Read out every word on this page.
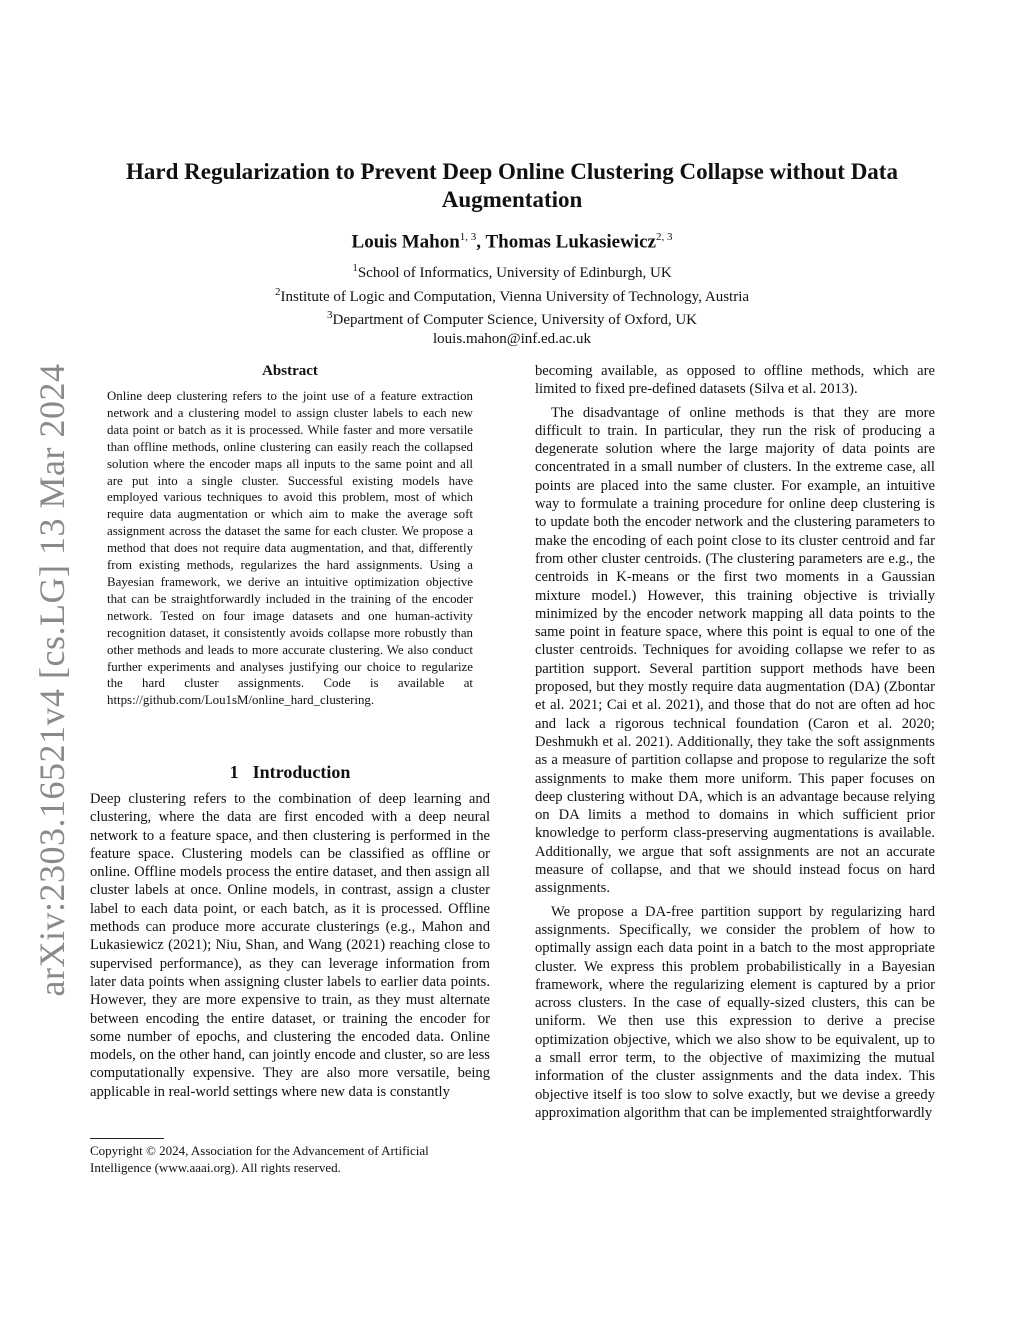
arXiv:2303.16521v4 [cs.LG] 13 Mar 2024
Hard Regularization to Prevent Deep Online Clustering Collapse without Data
Augmentation
Louis Mahon$^{1, 3}$, Thomas Lukasiewicz$^{2, 3}$
$^1$School of Informatics, University of Edinburgh, UK
$^2$Institute of Logic and Computation, Vienna University of Technology, Austria
$^3$Department of Computer Science, University of Oxford, UK
louis.mahon@inf.ed.ac.uk
Abstract

Online deep clustering refers to the joint use of a feature extraction network and a clustering model to assign cluster labels to each new data point or batch as it is processed. While faster and more versatile than offline methods, online clustering can easily reach the collapsed solution where the encoder maps all inputs to the same point and all are put into a single cluster. Successful existing models have employed various techniques to avoid this problem, most of which require data augmentation or which aim to make the average soft assignment across the dataset the same for each cluster. We propose a method that does not require data augmentation, and that, differently from existing methods, regularizes the hard assignments. Using a Bayesian framework, we derive an intuitive optimization objective that can be straightforwardly included in the training of the encoder network. Tested on four image datasets and one human-activity recognition dataset, it consistently avoids collapse more robustly than other methods and leads to more accurate clustering. We also conduct further experiments and analyses justifying our choice to regularize the hard cluster assignments. Code is available at https://github.com/Lou1sM/online_hard_clustering.

1 Introduction

Deep clustering refers to the combination of deep learning and clustering, where the data are first encoded with a deep neural network to a feature space, and then clustering is performed in the feature space. Clustering models can be classified as offline or online. Offline models process the entire dataset, and then assign all cluster labels at once. Online models, in contrast, assign a cluster label to each data point, or each batch, as it is processed. Offline methods can produce more accurate clusterings (e.g., Mahon and Lukasiewicz (2021); Niu, Shan, and Wang (2021) reaching close to supervised performance), as they can leverage information from later data points when assigning cluster labels to earlier data points. However, they are more expensive to train, as they must alternate between encoding the entire dataset, or training the encoder for some number of epochs, and clustering the encoded data. Online models, on the other hand, can jointly encode and cluster, so are less computationally expensive. They are also more versatile, being applicable in real-world settings where new data is constantly

becoming available, as opposed to offline methods, which are limited to fixed pre-defined datasets (Silva et al. 2013).

The disadvantage of online methods is that they are more difficult to train. In particular, they run the risk of producing a degenerate solution where the large majority of data points are concentrated in a small number of clusters. In the extreme case, all points are placed into the same cluster. For example, an intuitive way to formulate a training procedure for online deep clustering is to update both the encoder network and the clustering parameters to make the encoding of each point close to its cluster centroid and far from other cluster centroids. (The clustering parameters are e.g., the centroids in K-means or the first two moments in a Gaussian mixture model.) However, this training objective is trivially minimized by the encoder network mapping all data points to the same point in feature space, where this point is equal to one of the cluster centroids. Techniques for avoiding collapse we refer to as partition support. Several partition support methods have been proposed, but they mostly require data augmentation (DA) (Zbontar et al. 2021; Cai et al. 2021), and those that do not are often ad hoc and lack a rigorous technical foundation (Caron et al. 2020; Deshmukh et al. 2021). Additionally, they take the soft assignments as a measure of partition collapse and propose to regularize the soft assignments to make them more uniform. This paper focuses on deep clustering without DA, which is an advantage because relying on DA limits a method to domains in which sufficient prior knowledge to perform class-preserving augmentations is available. Additionally, we argue that soft assignments are not an accurate measure of collapse, and that we should instead focus on hard assignments.

We propose a DA-free partition support by regularizing hard assignments. Specifically, we consider the problem of how to optimally assign each data point in a batch to the most appropriate cluster. We express this problem probabilistically in a Bayesian framework, where the regularizing element is captured by a prior across clusters. In the case of equally-sized clusters, this can be uniform. We then use this expression to derive a precise optimization objective, which we also show to be equivalent, up to a small error term, to the objective of maximizing the mutual information of the cluster assignments and the data index. This objective itself is too slow to solve exactly, but we devise a greedy approximation algorithm that can be implemented straightforwardly

Copyright © 2024, Association for the Advancement of Artificial
Intelligence (www.aaai.org). All rights reserved.
